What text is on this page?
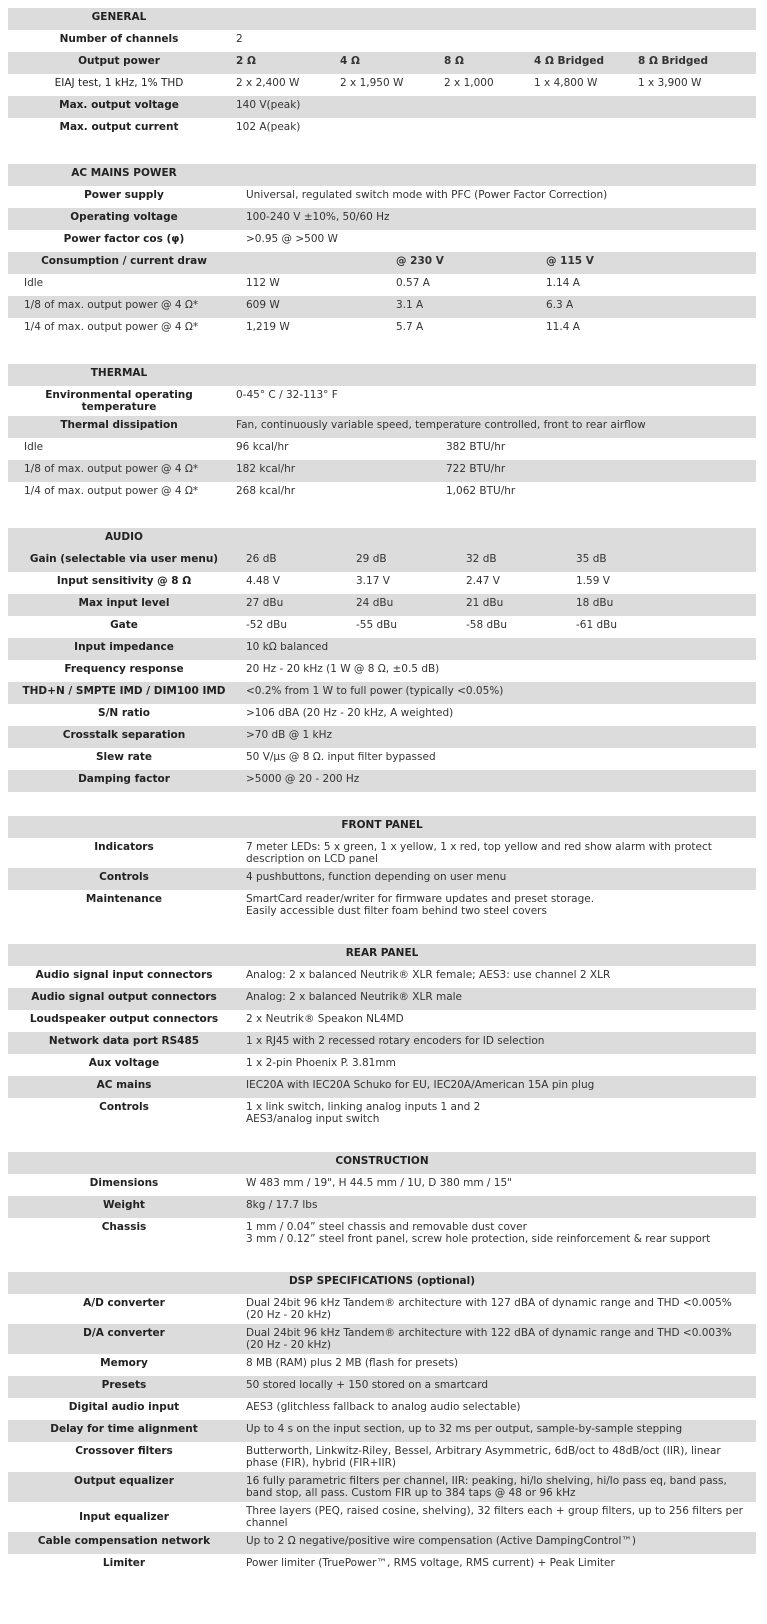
GENERAL					
Number of channels	2				
Output power	2 Ω	4 Ω	8 Ω	4 Ω Bridged	8 Ω Bridged
EIAJ test, 1 kHz, 1% THD	2 x 2,400 W	2 x 1,950 W	2 x 1,000	1 x 4,800 W	1 x 3,900 W
Max. output voltage	140 V(peak)				
Max. output current	102 A(peak)				
AC MAINS POWER			
Power supply	Universal, regulated switch mode with PFC (Power Factor Correction)		
Operating voltage	100-240 V ±10%, 50/60 Hz		
Power factor cos (φ)	>0.95 @ >500 W		
Consumption / current draw		@ 230 V	@ 115 V
Idle	112 W	0.57 A	1.14 A
1/8 of max. output power @ 4 Ω*	609 W	3.1 A	6.3 A
1/4 of max. output power @ 4 Ω*	1,219 W	5.7 A	11.4 A
THERMAL		
Environmental operating temperature	0-45° C / 32-113° F	
Thermal dissipation	Fan, continuously variable speed, temperature controlled, front to rear airflow	
Idle	96 kcal/hr	382 BTU/hr
1/8 of max. output power @ 4 Ω*	182 kcal/hr	722 BTU/hr
1/4 of max. output power @ 4 Ω*	268 kcal/hr	1,062 BTU/hr
AUDIO				
Gain (selectable via user menu)	26 dB	29 dB	32 dB	35 dB
Input sensitivity @ 8 Ω	4.48 V	3.17 V	2.47 V	1.59 V
Max input level	27 dBu	24 dBu	21 dBu	18 dBu
Gate	-52 dBu	-55 dBu	-58 dBu	-61 dBu
Input impedance	10 kΩ balanced			
Frequency response	20 Hz - 20 kHz (1 W @ 8 Ω, ±0.5 dB)			
THD+N / SMPTE IMD / DIM100 IMD	<0.2% from 1 W to full power (typically <0.05%)			
S/N ratio	>106 dBA (20 Hz - 20 kHz, A weighted)			
Crosstalk separation	>70 dB @ 1 kHz			
Slew rate	50 V/μs @ 8 Ω. input filter bypassed			
Damping factor	>5000 @ 20 - 200 Hz			
FRONT PANEL	
Indicators	7 meter LEDs: 5 x green, 1 x yellow, 1 x red, top yellow and red show alarm with protect description on LCD panel
Controls	4 pushbuttons, function depending on user menu
Maintenance	SmartCard reader/writer for firmware updates and preset storage.
Easily accessible dust filter foam behind two steel covers
REAR PANEL	
Audio signal input connectors	Analog: 2 x balanced Neutrik® XLR female; AES3: use channel 2 XLR
Audio signal output connectors	Analog: 2 x balanced Neutrik® XLR male
Loudspeaker output connectors	2 x Neutrik® Speakon NL4MD
Network data port RS485	1 x RJ45 with 2 recessed rotary encoders for ID selection
Aux voltage	1 x 2-pin Phoenix P. 3.81mm
AC mains	IEC20A with IEC20A Schuko for EU, IEC20A/American 15A pin plug
Controls	1 x link switch, linking analog inputs 1 and 2
AES3/analog input switch
CONSTRUCTION	
Dimensions	W 483 mm / 19", H 44.5 mm / 1U, D 380 mm / 15"
Weight	8kg / 17.7 lbs
Chassis	1 mm / 0.04” steel chassis and removable dust cover
3 mm / 0.12” steel front panel, screw hole protection, side reinforcement & rear support
DSP SPECIFICATIONS (optional)	
A/D converter	Dual 24bit 96 kHz Tandem® architecture with 127 dBA of dynamic range and THD <0.005% (20 Hz - 20 kHz)
D/A converter	Dual 24bit 96 kHz Tandem® architecture with 122 dBA of dynamic range and THD <0.003% (20 Hz - 20 kHz)
Memory	8 MB (RAM) plus 2 MB (flash for presets)
Presets	50 stored locally + 150 stored on a smartcard
Digital audio input	AES3 (glitchless fallback to analog audio selectable)
Delay for time alignment	Up to 4 s on the input section, up to 32 ms per output, sample-by-sample stepping
Crossover filters	Butterworth, Linkwitz-Riley, Bessel, Arbitrary Asymmetric, 6dB/oct to 48dB/oct (IIR), linear phase (FIR), hybrid (FIR+IIR)
Output equalizer	16 fully parametric filters per channel, IIR: peaking, hi/lo shelving, hi/lo pass eq, band pass, band stop, all pass. Custom FIR up to 384 taps @ 48 or 96 kHz
Input equalizer	Three layers (PEQ, raised cosine, shelving), 32 filters each + group filters, up to 256 filters per channel
Cable compensation network	Up to 2 Ω negative/positive wire compensation (Active DampingControl™)
Limiter	Power limiter (TruePower™, RMS voltage, RMS current) + Peak Limiter
